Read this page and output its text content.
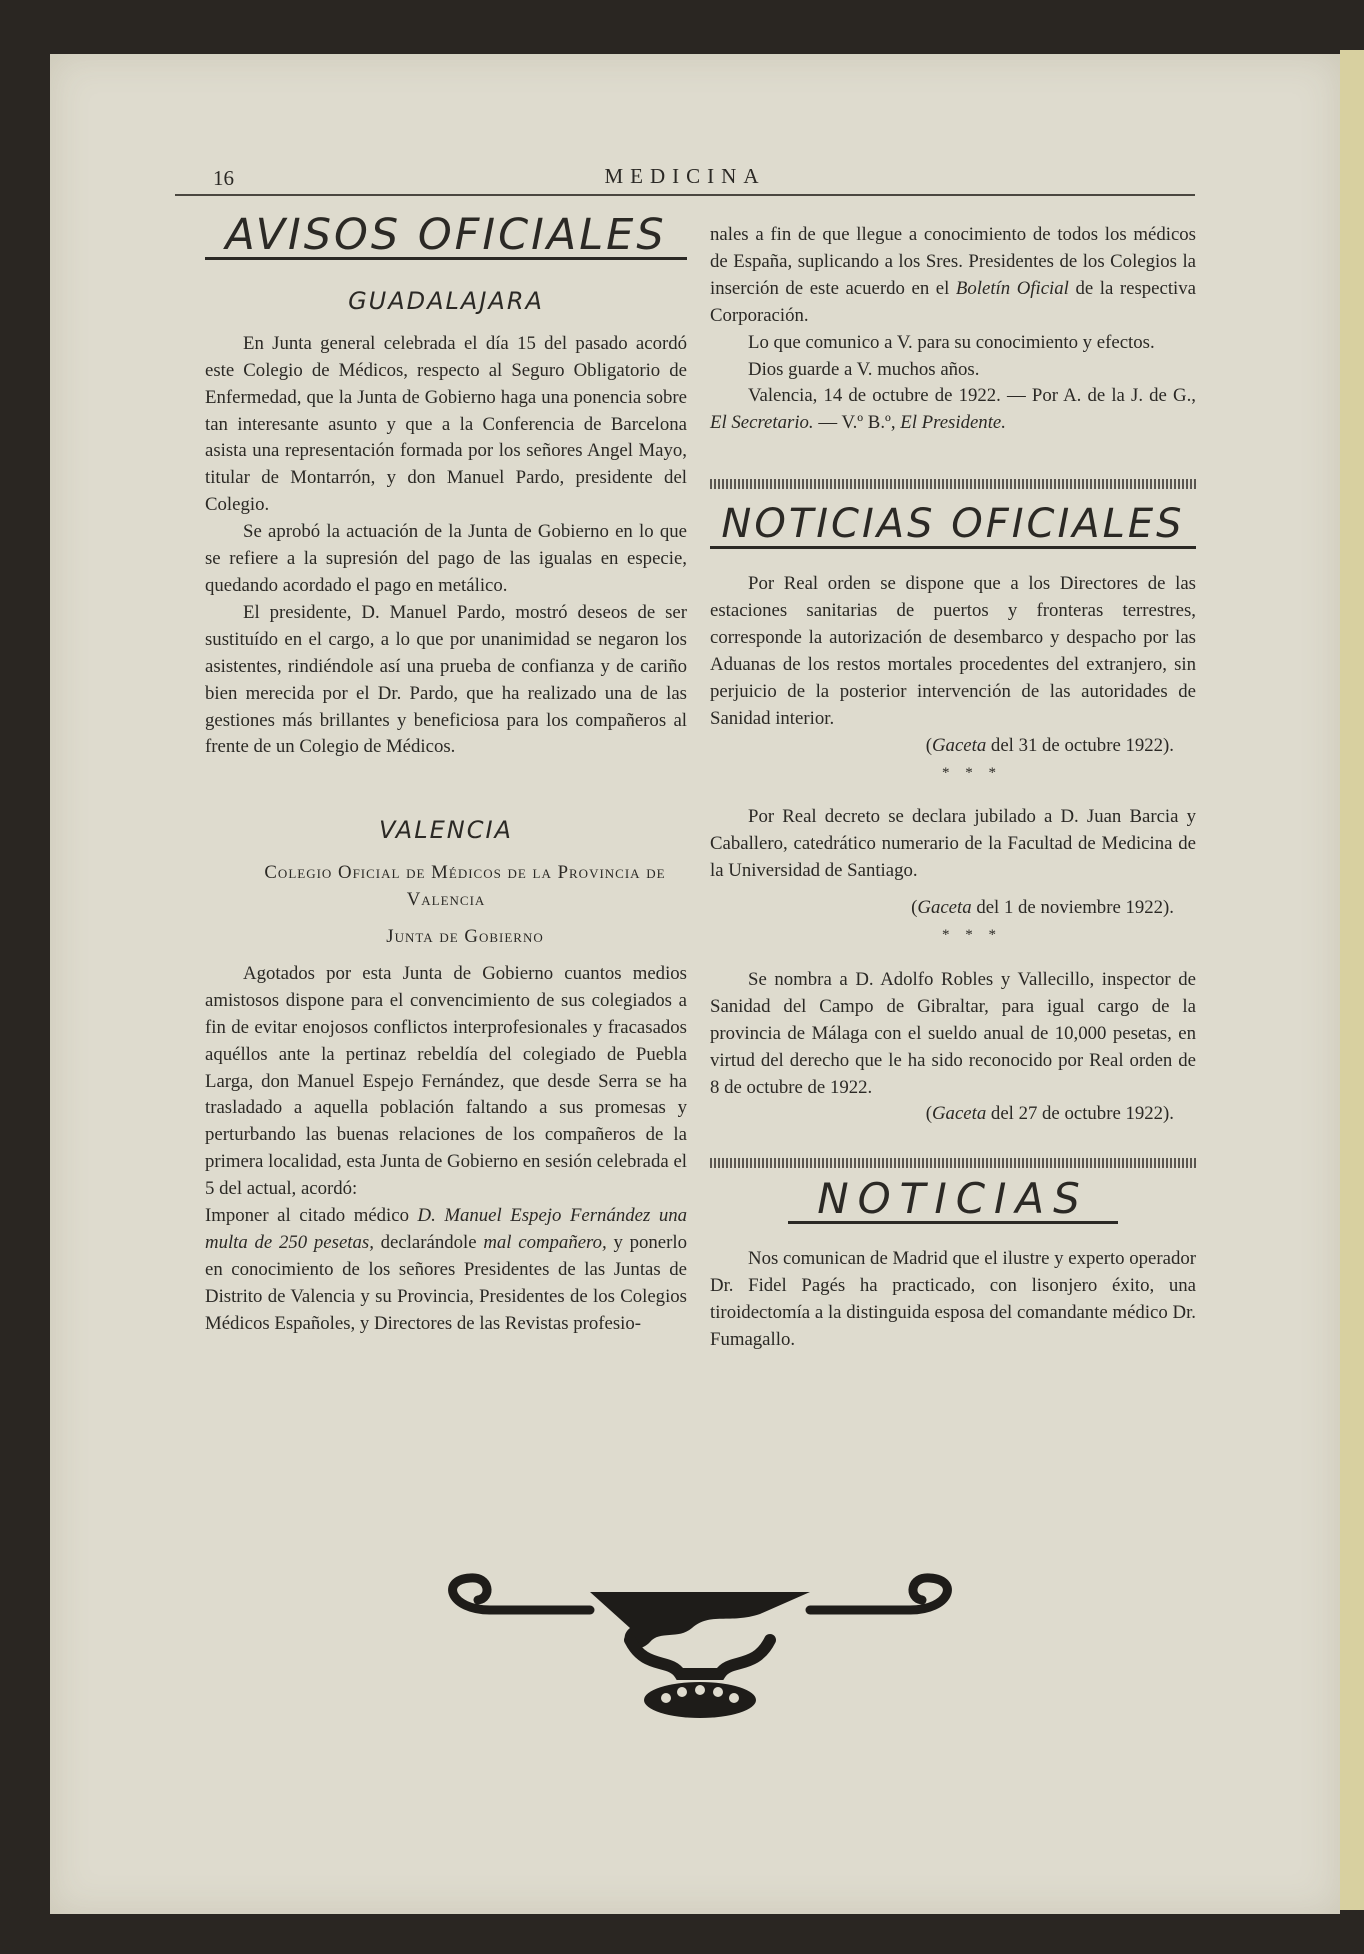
16	MEDICINA
AVISOS OFICIALES
GUADALAJARA

En Junta general celebrada el día 15 del pasado acordó este Colegio de Médicos, respecto al Seguro Obligatorio de Enfermedad, que la Junta de Gobierno haga una ponencia sobre tan interesante asunto y que a la Conferencia de Barcelona asista una representación formada por los señores Angel Mayo, titular de Montarrón, y don Manuel Pardo, presidente del Colegio.

Se aprobó la actuación de la Junta de Gobierno en lo que se refiere a la supresión del pago de las igualas en especie, quedando acordado el pago en metálico.

El presidente, D. Manuel Pardo, mostró deseos de ser sustituído en el cargo, a lo que por unanimidad se negaron los asistentes, rindiéndole así una prueba de confianza y de cariño bien merecida por el Dr. Pardo, que ha realizado una de las gestiones más brillantes y beneficiosa para los compañeros al frente de un Colegio de Médicos.

VALENCIA

Colegio Oficial de Médicos de la Provincia de Valencia

Junta de Gobierno

Agotados por esta Junta de Gobierno cuantos medios amistosos dispone para el convencimiento de sus colegiados a fin de evitar enojosos conflictos interprofesionales y fracasados aquéllos ante la pertinaz rebeldía del colegiado de Puebla Larga, don Manuel Espejo Fernández, que desde Serra se ha trasladado a aquella población faltando a sus promesas y perturbando las buenas relaciones de los compañeros de la primera localidad, esta Junta de Gobierno en sesión celebrada el 5 del actual, acordó:

Imponer al citado médico D. Manuel Espejo Fernández una multa de 250 pesetas, declarándole mal compañero, y ponerlo en conocimiento de los señores Presidentes de las Juntas de Distrito de Valencia y su Provincia, Presidentes de los Colegios Médicos Españoles, y Directores de las Revistas profesio-

nales a fin de que llegue a conocimiento de todos los médicos de España, suplicando a los Sres. Presidentes de los Colegios la inserción de este acuerdo en el Boletín Oficial de la respectiva Corporación.

Lo que comunico a V. para su conocimiento y efectos.

Dios guarde a V. muchos años.

Valencia, 14 de octubre de 1922. — Por A. de la J. de G., El Secretario. — V.º B.º, El Presidente.

NOTICIAS OFICIALES

Por Real orden se dispone que a los Directores de las estaciones sanitarias de puertos y fronteras terrestres, corresponde la autorización de desembarco y despacho por las Aduanas de los restos mortales procedentes del extranjero, sin perjuicio de la posterior intervención de las autoridades de Sanidad interior.

(Gaceta del 31 de octubre 1922).

* * *

Por Real decreto se declara jubilado a D. Juan Barcia y Caballero, catedrático numerario de la Facultad de Medicina de la Universidad de Santiago.

(Gaceta del 1 de noviembre 1922).

* * *

Se nombra a D. Adolfo Robles y Vallecillo, inspector de Sanidad del Campo de Gibraltar, para igual cargo de la provincia de Málaga con el sueldo anual de 10,000 pesetas, en virtud del derecho que le ha sido reconocido por Real orden de 8 de octubre de 1922.

(Gaceta del 27 de octubre 1922).

NOTICIAS

Nos comunican de Madrid que el ilustre y experto operador Dr. Fidel Pagés ha practicado, con lisonjero éxito, una tiroidectomía a la distinguida esposa del comandante médico Dr. Fumagallo.
